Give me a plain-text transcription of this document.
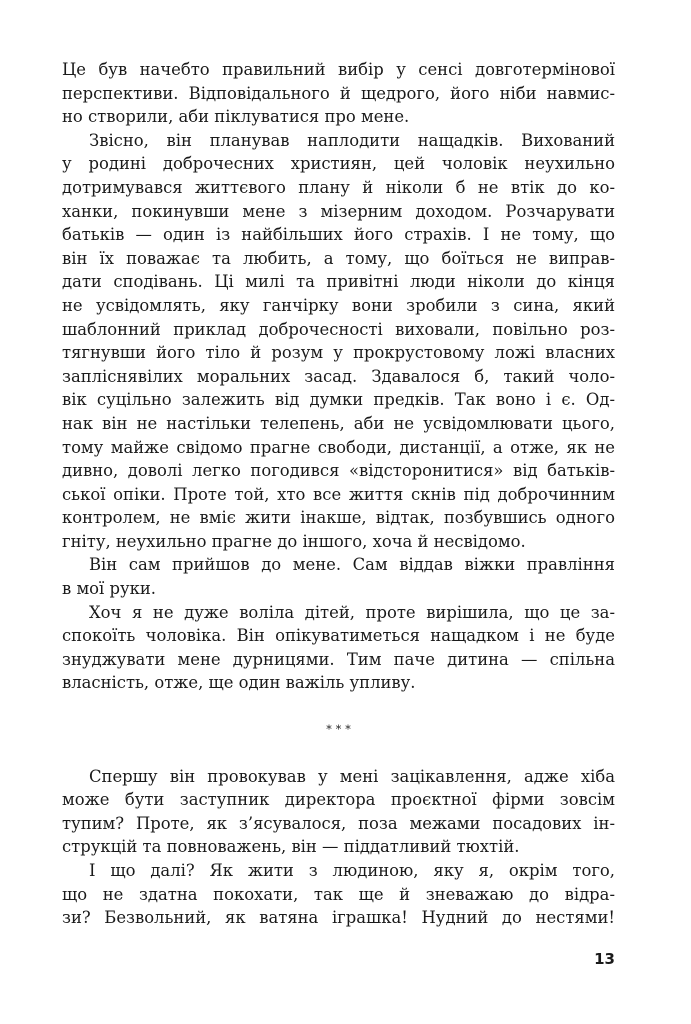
Це був начебто правильний вибір у сенсі довготермінової
перспективи. Відповідального й щедрого, його ніби навмис-
но створили, аби піклуватися про мене.
Звісно, він планував наплодити нащадків. Вихований
у родині доброчесних християн, цей чоловік неухильно
дотримувався життєвого плану й ніколи б не втік до ко-
ханки, покинувши мене з мізерним доходом. Розчарувати
батьків — один із найбільших його страхів. І не тому, що
він їх поважає та любить, а тому, що боїться не виправ-
дати сподівань. Ці милі та привітні люди ніколи до кінця
не усвідомлять, яку ганчірку вони зробили з сина, який
шаблонний приклад доброчесності виховали, повільно роз-
тягнувши його тіло й розум у прокрустовому ложі власних
запліснявілих моральних засад. Здавалося б, такий чоло-
вік суцільно залежить від думки предків. Так воно і є. Од-
нак він не настільки телепень, аби не усвідомлювати цього,
тому майже свідомо прагне свободи, дистанції, а отже, як не
дивно, доволі легко погодився «відсторонитися» від батьків-
ської опіки. Проте той, хто все життя скнів під доброчинним
контролем, не вміє жити інакше, відтак, позбувшись одного
гніту, неухильно прагне до іншого, хоча й несвідомо.
Він сам прийшов до мене. Сам віддав віжки правління
в мої руки.
Хоч я не дуже воліла дітей, проте вирішила, що це за-
спокоїть чоловіка. Він опікуватиметься нащадком і не буде
знуджувати мене дурницями. Тим паче дитина — спільна
власність, отже, ще один важіль упливу.
***
Спершу він провокував у мені зацікавлення, адже хіба
може бути заступник директора проєктної фірми зовсім
тупим? Проте, як з’ясувалося, поза межами посадових ін-
струкцій та повноважень, він — піддатливий тюхтій.
І що далі? Як жити з людиною, яку я, окрім того,
що не здатна покохати, так ще й зневажаю до відра-
зи? Безвольний, як ватяна іграшка! Нудний до нестями!
13
